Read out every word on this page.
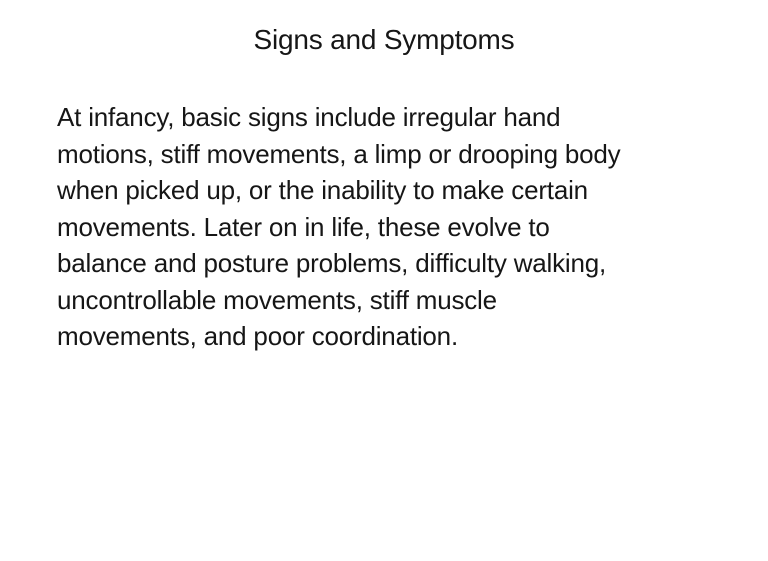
Signs and Symptoms
At infancy, basic signs include irregular hand
motions, stiff movements, a limp or drooping body
when picked up, or the inability to make certain
movements. Later on in life, these evolve to
balance and posture problems, difficulty walking,
uncontrollable movements, stiff muscle
movements, and poor coordination.
